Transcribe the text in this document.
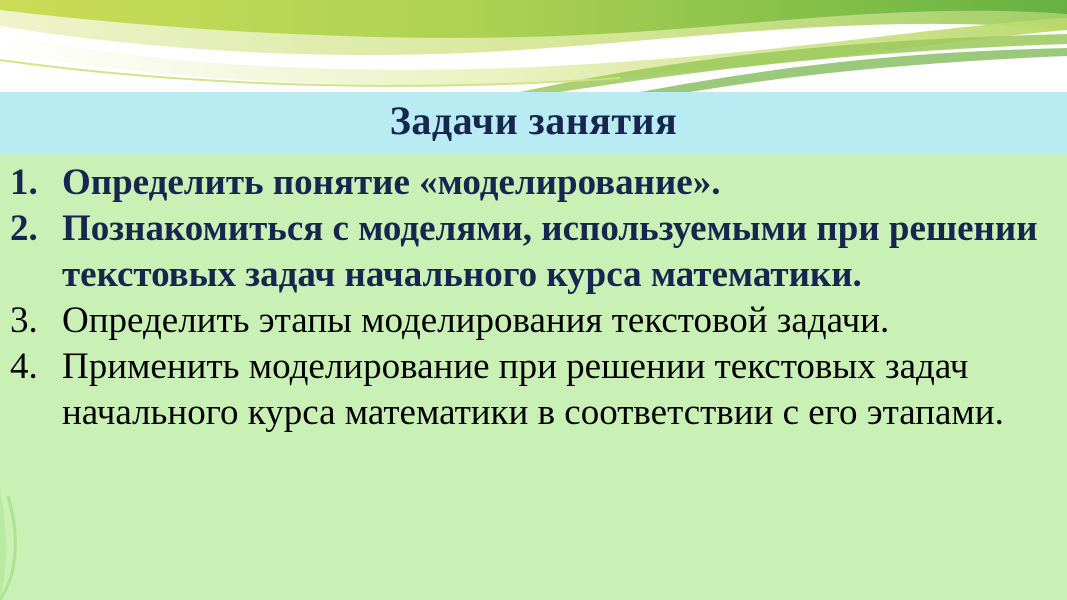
Задачи занятия
1. Определить понятие «моделирование».
2. Познакомиться с моделями, используемыми при решении текстовых задач начального курса математики.
3. Определить этапы моделирования текстовой задачи.
4. Применить моделирование при решении текстовых задач начального курса математики в соответствии с его этапами.
